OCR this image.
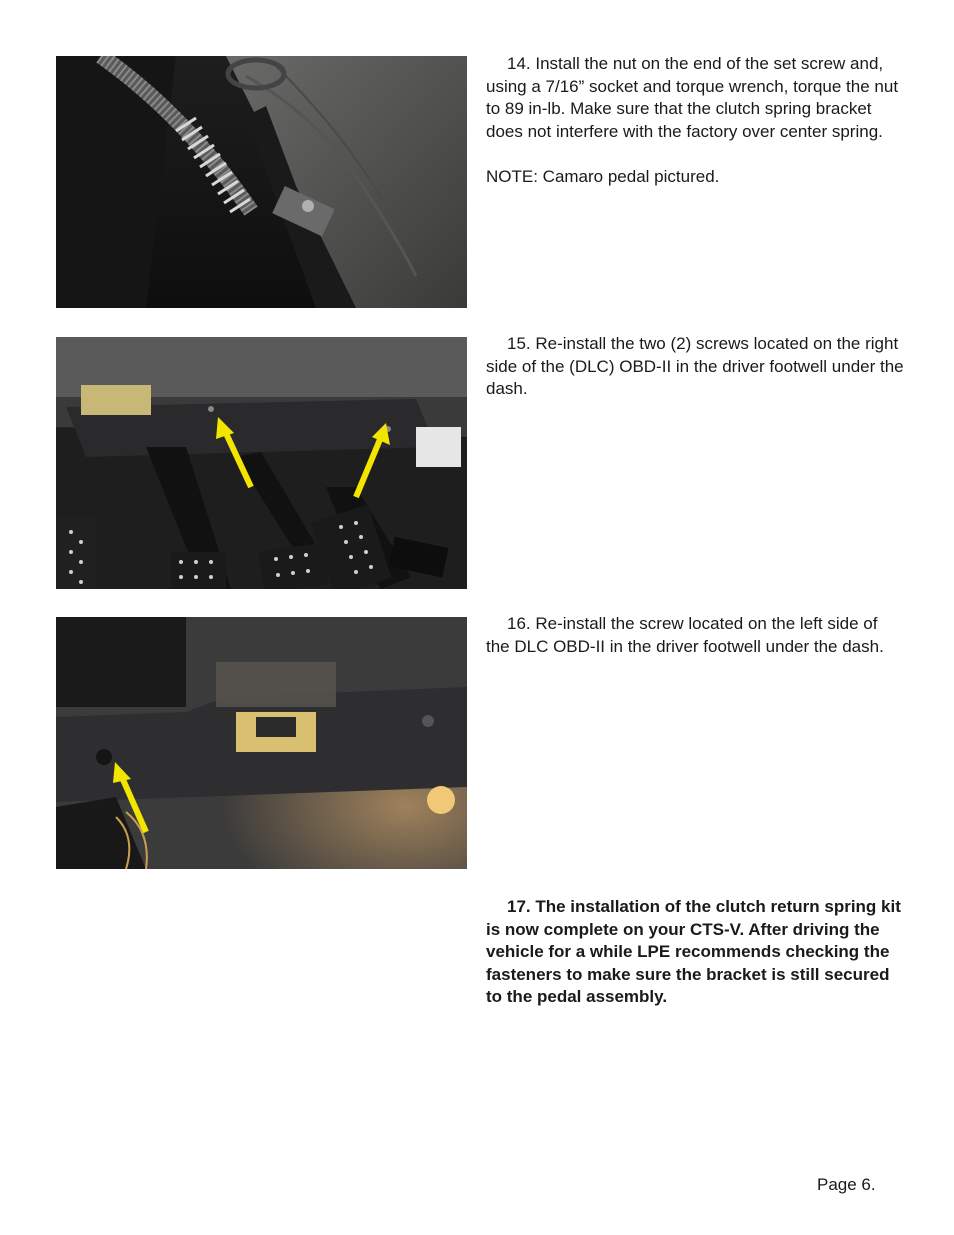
14. Install the nut on the end of the set screw and, using a 7/16” socket and torque wrench, torque the nut to 89 in-lb. Make sure that the clutch spring bracket does not interfere with the factory over center spring.

NOTE: Camaro pedal pictured.

15. Re-install the two (2) screws located on the right side of the (DLC) OBD-II in the driver footwell under the dash.

16. Re-install the screw located on the left side of the DLC OBD-II in the driver footwell under the dash.

17. The installation of the clutch return spring kit is now complete on your CTS-V. After driving the vehicle for a while LPE recommends checking the fasteners to make sure the bracket is still secured to the pedal assembly.

Page 6.
